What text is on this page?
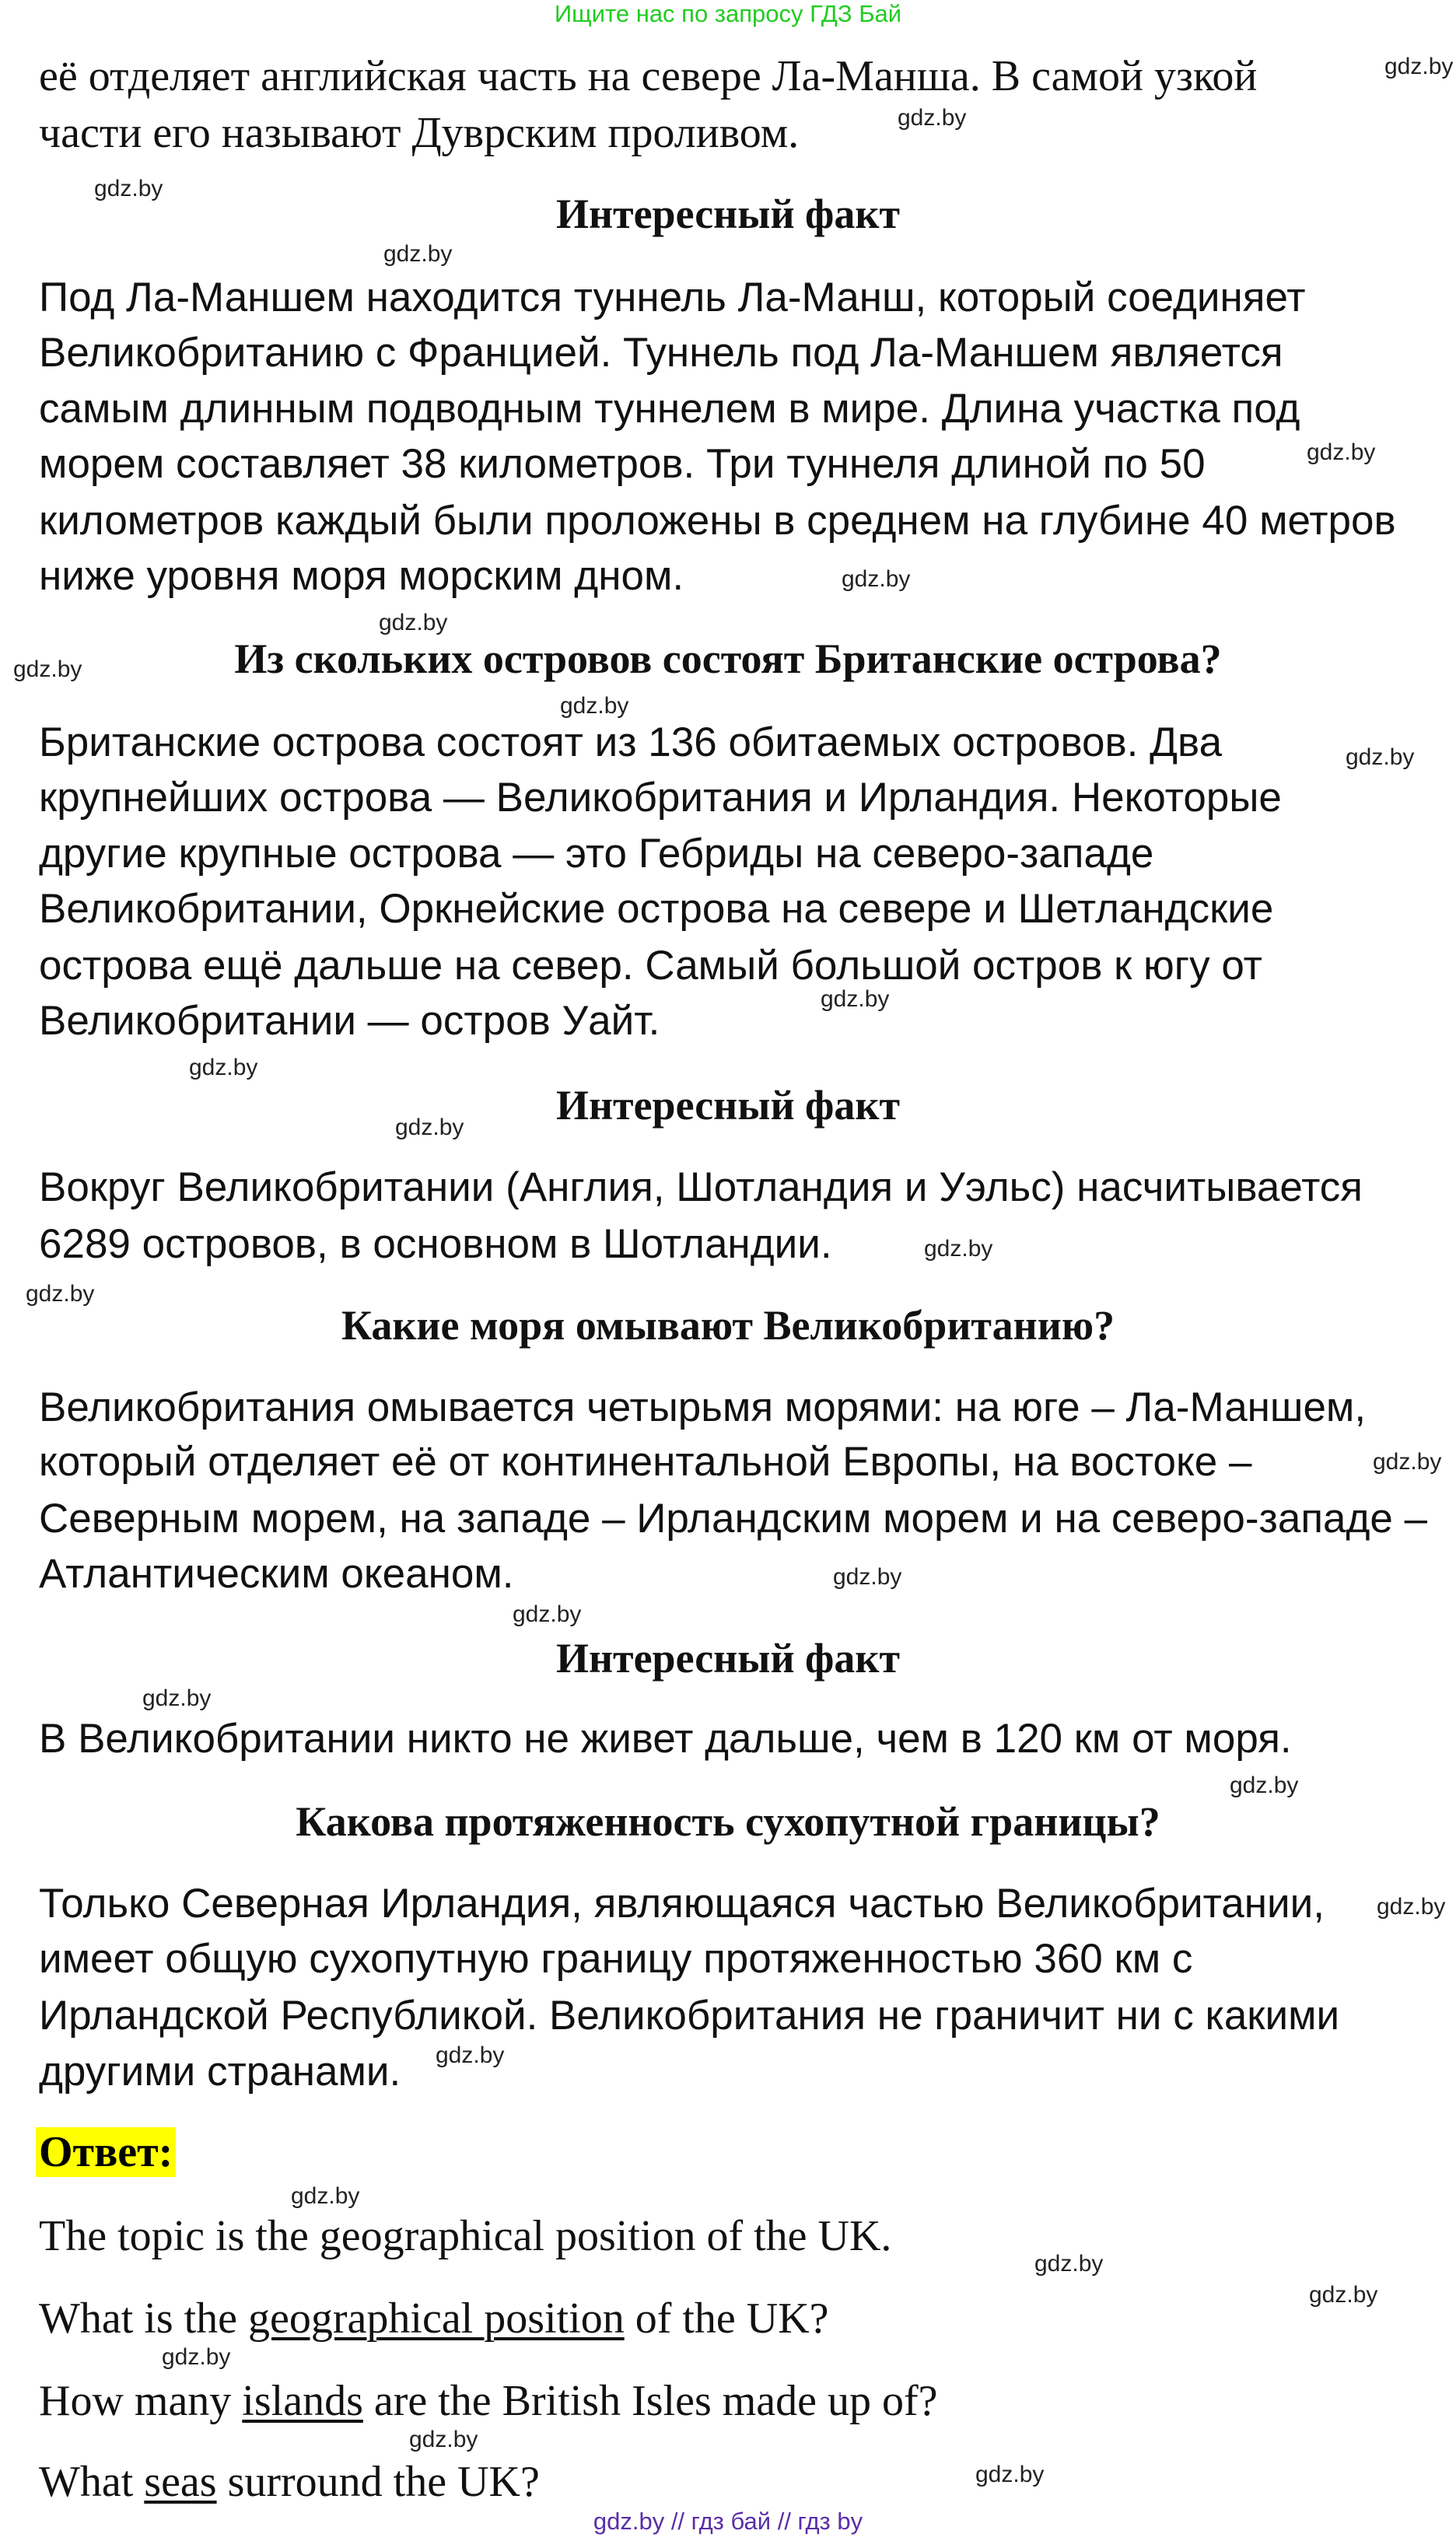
Ищите нас по запросу ГДЗ Бай
её отделяет английская часть на севере Ла-Манша. В самой узкой
части его называют Дуврским проливом.
Интересный факт
Под Ла-Маншем находится туннель Ла-Манш, который соединяет
Великобританию с Францией. Туннель под Ла-Маншем является
самым длинным подводным туннелем в мире. Длина участка под
морем составляет 38 километров. Три туннеля длиной по 50
километров каждый были проложены в среднем на глубине 40 метров
ниже уровня моря морским дном.
Из скольких островов состоят Британские острова?
Британские острова состоят из 136 обитаемых островов. Два
крупнейших острова — Великобритания и Ирландия. Некоторые
другие крупные острова — это Гебриды на северо-западе
Великобритании, Оркнейские острова на севере и Шетландские
острова ещё дальше на север. Самый большой остров к югу от
Великобритании — остров Уайт.
Интересный факт
Вокруг Великобритании (Англия, Шотландия и Уэльс) насчитывается
6289 островов, в основном в Шотландии.
Какие моря омывают Великобританию?
Великобритания омывается четырьмя морями: на юге – Ла-Маншем,
который отделяет её от континентальной Европы, на востоке –
Северным морем, на западе – Ирландским морем и на северо-западе –
Атлантическим океаном.
Интересный факт
В Великобритании никто не живет дальше, чем в 120 км от моря.
Какова протяженность сухопутной границы?
Только Северная Ирландия, являющаяся частью Великобритании,
имеет общую сухопутную границу протяженностью 360 км с
Ирландской Республикой. Великобритания не граничит ни с какими
другими странами.
Ответ:
The topic is the geographical position of the UK.
What is the geographical position of the UK?
How many islands are the British Isles made up of?
What seas surround the UK?
gdz.by
gdz.by
gdz.by
gdz.by
gdz.by
gdz.by
gdz.by
gdz.by
gdz.by
gdz.by
gdz.by
gdz.by
gdz.by
gdz.by
gdz.by
gdz.by
gdz.by
gdz.by
gdz.by
gdz.by
gdz.by
gdz.by
gdz.by
gdz.by
gdz.by
gdz.by
gdz.by
gdz.by
gdz.by // гдз бай // гдз by
